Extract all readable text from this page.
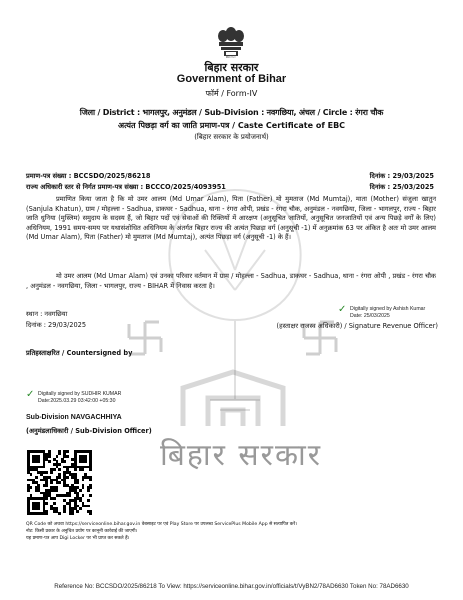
BEST
बिहार सरकार
Government of Bihar
फॉर्म / Form-IV
जिला / District : भागलपुर, अनुमंडल / Sub-Division : नवगछिया, अंचल / Circle : रंगरा चौक
अत्यंत पिछड़ा वर्ग का जाति प्रमाण-पत्र / Caste Certificate of EBC
(बिहार सरकार के प्रयोजनार्थ)
प्रमाण-पत्र संख्या : BCCSDO/2025/86218	दिनांक : 29/03/2025
राज्य अधिकारी स्तर से निर्गत प्रमाण-पत्र संख्या : BCCCO/2025/4093951	दिनांक : 25/03/2025
बिहार सरकार
प्रमाणित किया जाता है कि मो उमर आलम (Md Umar Alam), पिता (Father) मो मुमताज (Md Mumtaj), माता (Mother) संजुला खातुन (Sanjula Khatun), ग्राम / मोहल्ला - Sadhua, डाकघर - Sadhua, थाना - रंगरा ओपी, प्रखंड - रंगरा चौक, अनुमंडल - नवगछिया, जिला - भागलपुर, राज्य - बिहार जाति धुनिया (मुस्लिम) समुदाय के सदस्य हैं, जो बिहार पदों एवं सेवाओं की रिक्तियों में आरक्षण (अनुसूचित जातियों, अनुसूचित जनजातियों एवं अन्य पिछड़े वर्गों के लिए) अधिनियम, 1991 समय-समय पर यथासंशोधित अधिनियम के अंतर्गत बिहार राज्य की अत्यंत पिछड़ा वर्ग (अनुसूची -1) में अनुक्रमांक 63 पर अंकित है अतः मो उमर आलम (Md Umar Alam), पिता (Father) मो मुमताज (Md Mumtaj), अत्यंत पिछड़ा वर्ग (अनुसूची -1) के हैं।
मो उमर आलम (Md Umar Alam) एवं उनका परिवार वर्तमान में ग्राम / मोहल्ला - Sadhua, डाकघर - Sadhua, थाना - रंगरा ओपी , प्रखंड - रंगरा चौक , अनुमंडल - नवगछिया, जिला - भागलपुर, राज्य - BIHAR में निवास करता है।
स्थान : नवगछिया
दिनांक : 29/03/2025
✓ Digitally signed by Ashish Kumar
Date: 25/03/2025
(हस्ताक्षर राजस्व अधिकारी) / Signature Revenue Officer)
प्रतिहस्ताक्षरित / Countersigned by
✓ Digitally signed by SUDHIR KUMAR
Date:2025.03.29 03:42:00 +05:30
Sub-Division NAVGACHHIYA
(अनुमंडलाधिकारी / Sub-Division Officer)
QR Code को अथवा https://serviceonline.bihar.gov.in वेबसाइट पर एवं Play Store पर उपलब्ध ServicePlus Mobile App से सत्यापित करें।
नोट: किसी प्रकार के अनुचित प्रयोग पर कानूनी कार्रवाई की जाएगी।
यह प्रमाण-पत्र आप Digi Locker पर भी प्राप्त कर सकते हैं।
Reference No: BCCSDO/2025/86218 To View: https://serviceonline.bihar.gov.in/officials/t/VyBN2/78AD6630 Token No: 78AD6630
